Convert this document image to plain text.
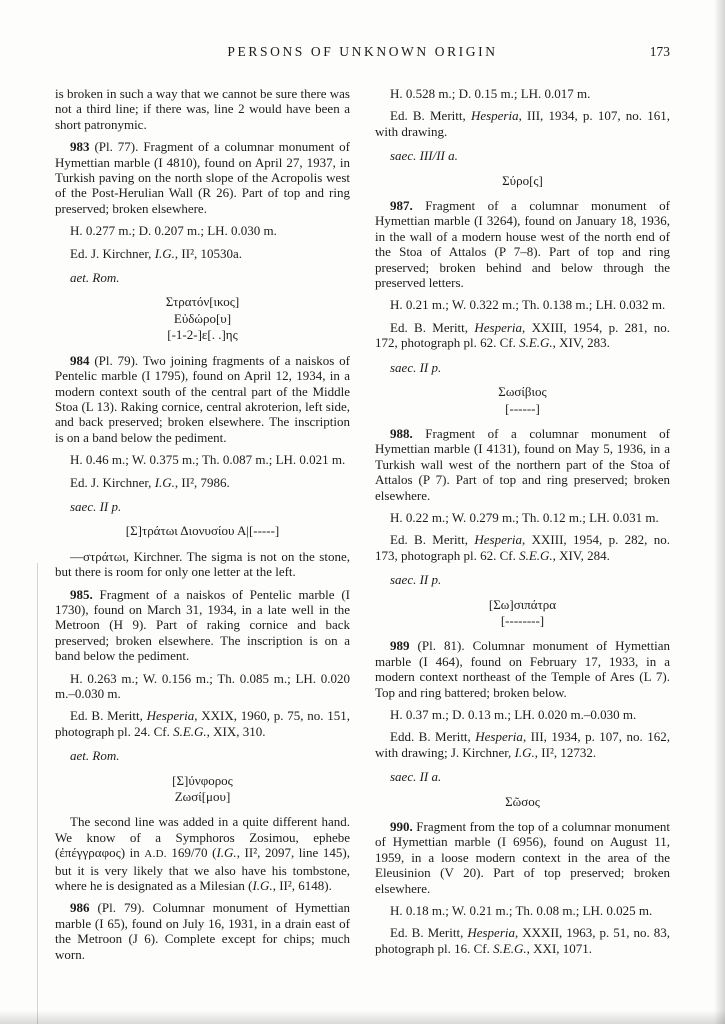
PERSONS OF UNKNOWN ORIGIN	173
is broken in such a way that we cannot be sure there was not a third line; if there was, line 2 would have been a short patronymic.
983 (Pl. 77). Fragment of a columnar monument of Hymettian marble (I 4810), found on April 27, 1937, in Turkish paving on the north slope of the Acropolis west of the Post-Herulian Wall (R 26). Part of top and ring preserved; broken elsewhere.
H. 0.277 m.; D. 0.207 m.; LH. 0.030 m.
Ed. J. Kirchner, I.G., II², 10530a.
aet. Rom.
Στρατόν[ικος]
Εὐδώρο[υ]
[-1-2-]ε[. .]ης
984 (Pl. 79). Two joining fragments of a naiskos of Pentelic marble (I 1795), found on April 12, 1934, in a modern context south of the central part of the Middle Stoa (L 13). Raking cornice, central akroterion, left side, and back preserved; broken elsewhere. The inscription is on a band below the pediment.
H. 0.46 m.; W. 0.375 m.; Th. 0.087 m.; LH. 0.021 m.
Ed. J. Kirchner, I.G., II², 7986.
saec. II p.
[Σ]τράτωι Διονυσίου Α|[-----]
––στράτωι, Kirchner. The sigma is not on the stone, but there is room for only one letter at the left.
985. Fragment of a naiskos of Pentelic marble (I 1730), found on March 31, 1934, in a late well in the Metroon (H 9). Part of raking cornice and back preserved; broken elsewhere. The inscription is on a band below the pediment.
H. 0.263 m.; W. 0.156 m.; Th. 0.085 m.; LH. 0.020 m.–0.030 m.
Ed. B. Meritt, Hesperia, XXIX, 1960, p. 75, no. 151, photograph pl. 24. Cf. S.E.G., XIX, 310.
aet. Rom.
[Σ]ύνφορος
Ζωσί[μου]
The second line was added in a quite different hand. We know of a Symphoros Zosimou, ephebe (ἐπέγγραφος) in A.D. 169/70 (I.G., II², 2097, line 145), but it is very likely that we also have his tombstone, where he is designated as a Milesian (I.G., II², 6148).
986 (Pl. 79). Columnar monument of Hymettian marble (I 65), found on July 16, 1931, in a drain east of the Metroon (J 6). Complete except for chips; much worn.
H. 0.528 m.; D. 0.15 m.; LH. 0.017 m.
Ed. B. Meritt, Hesperia, III, 1934, p. 107, no. 161, with drawing.
saec. III/II a.
Σύρο[ς]
987. Fragment of a columnar monument of Hymettian marble (I 3264), found on January 18, 1936, in the wall of a modern house west of the north end of the Stoa of Attalos (P 7–8). Part of top and ring preserved; broken behind and below through the preserved letters.
H. 0.21 m.; W. 0.322 m.; Th. 0.138 m.; LH. 0.032 m.
Ed. B. Meritt, Hesperia, XXIII, 1954, p. 281, no. 172, photograph pl. 62. Cf. S.E.G., XIV, 283.
saec. II p.
Σωσίβιος
[------]
988. Fragment of a columnar monument of Hymettian marble (I 4131), found on May 5, 1936, in a Turkish wall west of the northern part of the Stoa of Attalos (P 7). Part of top and ring preserved; broken elsewhere.
H. 0.22 m.; W. 0.279 m.; Th. 0.12 m.; LH. 0.031 m.
Ed. B. Meritt, Hesperia, XXIII, 1954, p. 282, no. 173, photograph pl. 62. Cf. S.E.G., XIV, 284.
saec. II p.
[Σω]σιπάτρα
[--------]
989 (Pl. 81). Columnar monument of Hymettian marble (I 464), found on February 17, 1933, in a modern context northeast of the Temple of Ares (L 7). Top and ring battered; broken below.
H. 0.37 m.; D. 0.13 m.; LH. 0.020 m.–0.030 m.
Edd. B. Meritt, Hesperia, III, 1934, p. 107, no. 162, with drawing; J. Kirchner, I.G., II², 12732.
saec. II a.
Σῶσος
990. Fragment from the top of a columnar monument of Hymettian marble (I 6956), found on August 11, 1959, in a loose modern context in the area of the Eleusinion (V 20). Part of top preserved; broken elsewhere.
H. 0.18 m.; W. 0.21 m.; Th. 0.08 m.; LH. 0.025 m.
Ed. B. Meritt, Hesperia, XXXII, 1963, p. 51, no. 83, photograph pl. 16. Cf. S.E.G., XXI, 1071.
